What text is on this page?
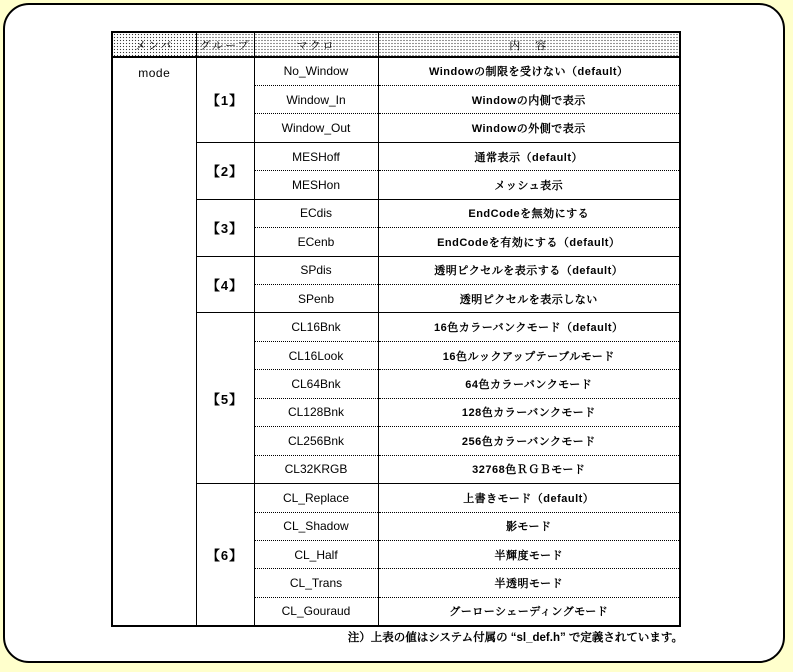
メンバ	グループ	マクロ	内　容
mode	【1】	No_Window	Windowの制限を受けない（default）
		Window_In	Windowの内側で表示
		Window_Out	Windowの外側で表示
	【2】	MESHoff	通常表示（default）
		MESHon	メッシュ表示
	【3】	ECdis	EndCodeを無効にする
		ECenb	EndCodeを有効にする（default）
	【4】	SPdis	透明ピクセルを表示する（default）
		SPenb	透明ピクセルを表示しない
	【5】	CL16Bnk	16色カラーバンクモード（default）
		CL16Look	16色ルックアップテーブルモード
		CL64Bnk	64色カラーバンクモード
		CL128Bnk	128色カラーバンクモード
		CL256Bnk	256色カラーバンクモード
		CL32KRGB	32768色ＲＧＢモード
	【6】	CL_Replace	上書きモード（default）
		CL_Shadow	影モード
		CL_Half	半輝度モード
		CL_Trans	半透明モード
		CL_Gouraud	グーローシェーディングモード
注）上表の値はシステム付属の “sl_def.h” で定義されています。
